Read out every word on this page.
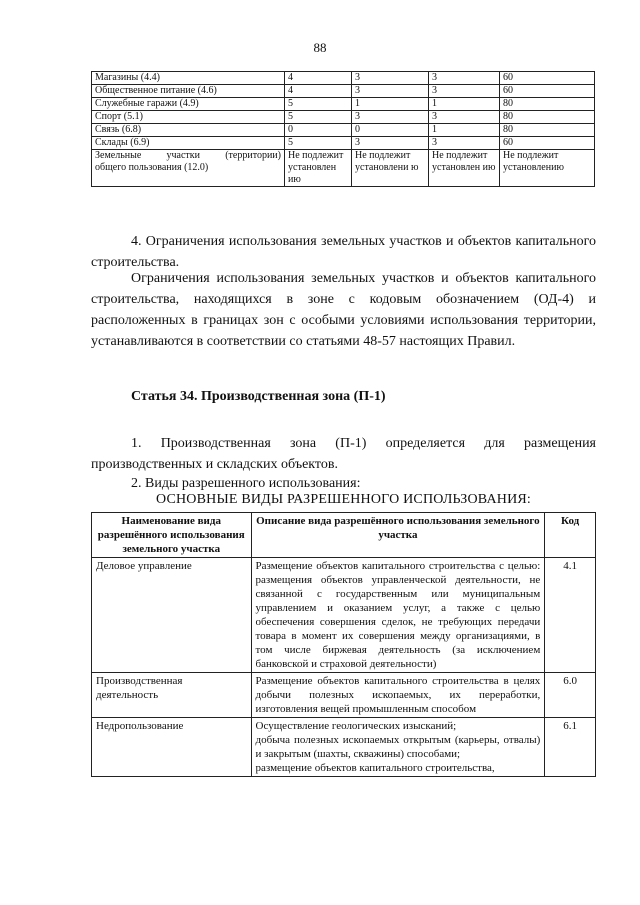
88
Магазины (4.4)	4	3	3	60
Общественное питание (4.6)	4	3	3	60
Служебные гаражи (4.9)	5	1	1	80
Спорт (5.1)	5	3	3	80
Связь (6.8)	0	0	1	80
Склады (6.9)	5	3	3	60

Земельные участки (территории)
общего пользования (12.0)	Не подлежит установлен ию	Не подлежит установлени ю	Не подлежит установлен ию	Не подлежит установлению
4. Ограничения использования земельных участков и объектов капитального строительства.
Ограничения использования земельных участков и объектов капитального строительства, находящихся в зоне с кодовым обозначением (ОД-4) и расположенных в границах зон с особыми условиями использования территории, устанавливаются в соответствии со статьями 48-57 настоящих Правил.
Статья 34. Производственная зона (П-1)
1. Производственная зона (П-1) определяется для размещения производственных и складских объектов.
2. Виды разрешенного использования:
ОСНОВНЫЕ ВИДЫ РАЗРЕШЕННОГО ИСПОЛЬЗОВАНИЯ:
Наименование вида разрешённого использования земельного участка	Описание вида разрешённого использования земельного участка	Код
Деловое управление	Размещение объектов капитального строительства с целью: размещения объектов управленческой деятельности, не связанной с государственным или муниципальным управлением и оказанием услуг, а также с целью обеспечения совершения сделок, не требующих передачи товара в момент их совершения между организациями, в том числе биржевая деятельность (за исключением банковской и страховой деятельности)	4.1
Производственная деятельность	Размещение объектов капитального строительства в целях добычи полезных ископаемых, их переработки, изготовления вещей промышленным способом	6.0
Недропользование	Осуществление геологических изысканий;
добыча полезных ископаемых открытым (карьеры, отвалы) и закрытым (шахты, скважины) способами;
размещение объектов капитального строительства,	6.1
